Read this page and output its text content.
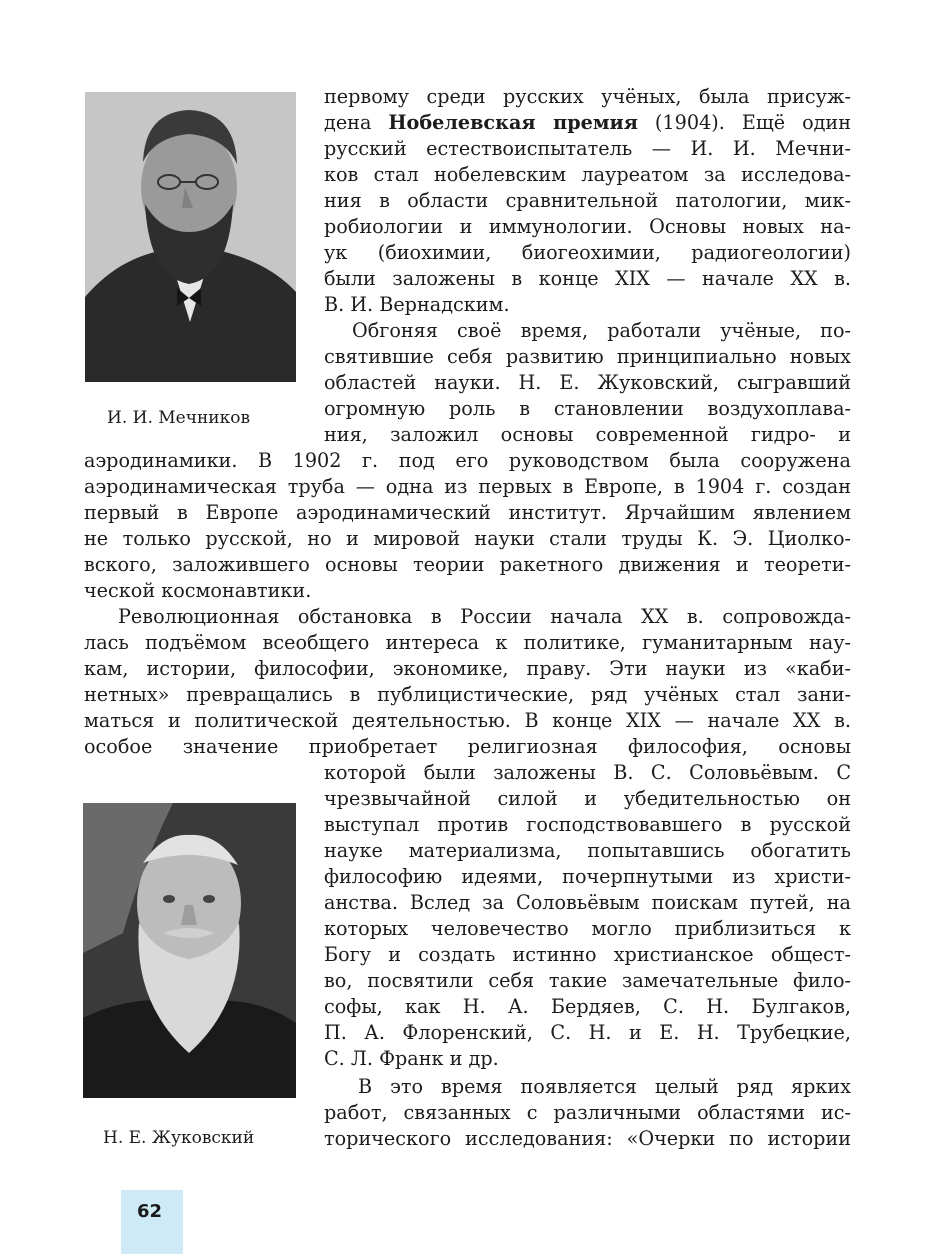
И. И. Мечников
Н. Е. Жуковский
первому среди русских учёных, была присуж-
дена Нобелевская премия (1904). Ещё один
русский естествоиспытатель — И. И. Мечни-
ков стал нобелевским лауреатом за исследова-
ния в области сравнительной патологии, мик-
робиологии и иммунологии. Основы новых на-
ук (биохимии, биогеохимии, радиогеологии)
были заложены в конце XIX — начале XX в.
В. И. Вернадским.
Обгоняя своё время, работали учёные, по-
святившие себя развитию принципиально новых
областей науки. Н. Е. Жуковский, сыгравший
огромную роль в становлении воздухоплава-
ния, заложил основы современной гидро- и
аэродинамики. В 1902 г. под его руководством была сооружена
аэродинамическая труба — одна из первых в Европе, в 1904 г. создан
первый в Европе аэродинамический институт. Ярчайшим явлением
не только русской, но и мировой науки стали труды К. Э. Циолко-
вского, заложившего основы теории ракетного движения и теорети-
ческой космонавтики.
Революционная обстановка в России начала XX в. сопровожда-
лась подъёмом всеобщего интереса к политике, гуманитарным нау-
кам, истории, философии, экономике, праву. Эти науки из «каби-
нетных» превращались в публицистические, ряд учёных стал зани-
маться и политической деятельностью. В конце XIX — начале XX в.
особое значение приобретает религиозная философия, основы
которой были заложены В. С. Соловьёвым. С
чрезвычайной силой и убедительностью он
выступал против господствовавшего в русской
науке материализма, попытавшись обогатить
философию идеями, почерпнутыми из христи-
анства. Вслед за Соловьёвым поискам путей, на
которых человечество могло приблизиться к
Богу и создать истинно христианское общест-
во, посвятили себя такие замечательные фило-
софы, как Н. А. Бердяев, С. Н. Булгаков,
П. А. Флоренский, С. Н. и Е. Н. Трубецкие,
С. Л. Франк и др.
В это время появляется целый ряд ярких
работ, связанных с различными областями ис-
торического исследования: «Очерки по истории
62
